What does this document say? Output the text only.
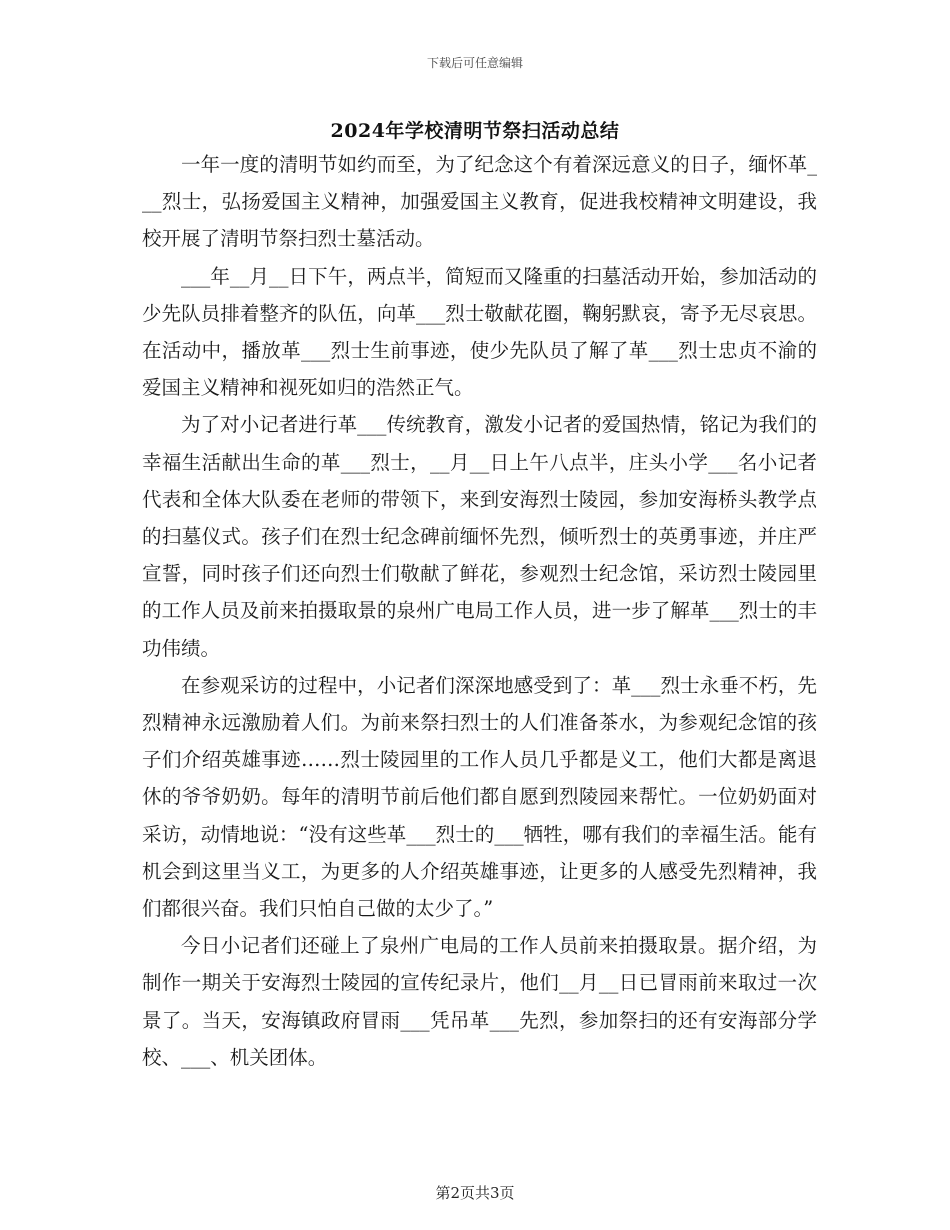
下载后可任意编辑
2024年学校清明节祭扫活动总结

一年一度的清明节如约而至，为了纪念这个有着深远意义的日子，缅怀革___烈士，弘扬爱国主义精神，加强爱国主义教育，促进我校精神文明建设，我校开展了清明节祭扫烈士墓活动。

___年__月__日下午，两点半，简短而又隆重的扫墓活动开始，参加活动的少先队员排着整齐的队伍，向革___烈士敬献花圈，鞠躬默哀，寄予无尽哀思。在活动中，播放革___烈士生前事迹，使少先队员了解了革___烈士忠贞不渝的爱国主义精神和视死如归的浩然正气。

为了对小记者进行革___传统教育，激发小记者的爱国热情，铭记为我们的幸福生活献出生命的革___烈士，__月__日上午八点半，庄头小学___名小记者代表和全体大队委在老师的带领下，来到安海烈士陵园，参加安海桥头教学点的扫墓仪式。孩子们在烈士纪念碑前缅怀先烈，倾听烈士的英勇事迹，并庄严宣誓，同时孩子们还向烈士们敬献了鲜花，参观烈士纪念馆，采访烈士陵园里的工作人员及前来拍摄取景的泉州广电局工作人员，进一步了解革___烈士的丰功伟绩。

在参观采访的过程中，小记者们深深地感受到了：革___烈士永垂不朽，先烈精神永远激励着人们。为前来祭扫烈士的人们准备茶水，为参观纪念馆的孩子们介绍英雄事迹……烈士陵园里的工作人员几乎都是义工，他们大都是离退休的爷爷奶奶。每年的清明节前后他们都自愿到烈陵园来帮忙。一位奶奶面对采访，动情地说：“没有这些革___烈士的___牺牲，哪有我们的幸福生活。能有机会到这里当义工，为更多的人介绍英雄事迹，让更多的人感受先烈精神，我们都很兴奋。我们只怕自己做的太少了。”

今日小记者们还碰上了泉州广电局的工作人员前来拍摄取景。据介绍，为制作一期关于安海烈士陵园的宣传纪录片，他们__月__日已冒雨前来取过一次景了。当天，安海镇政府冒雨___凭吊革___先烈，参加祭扫的还有安海部分学校、___、机关团体。

第2页共3页
